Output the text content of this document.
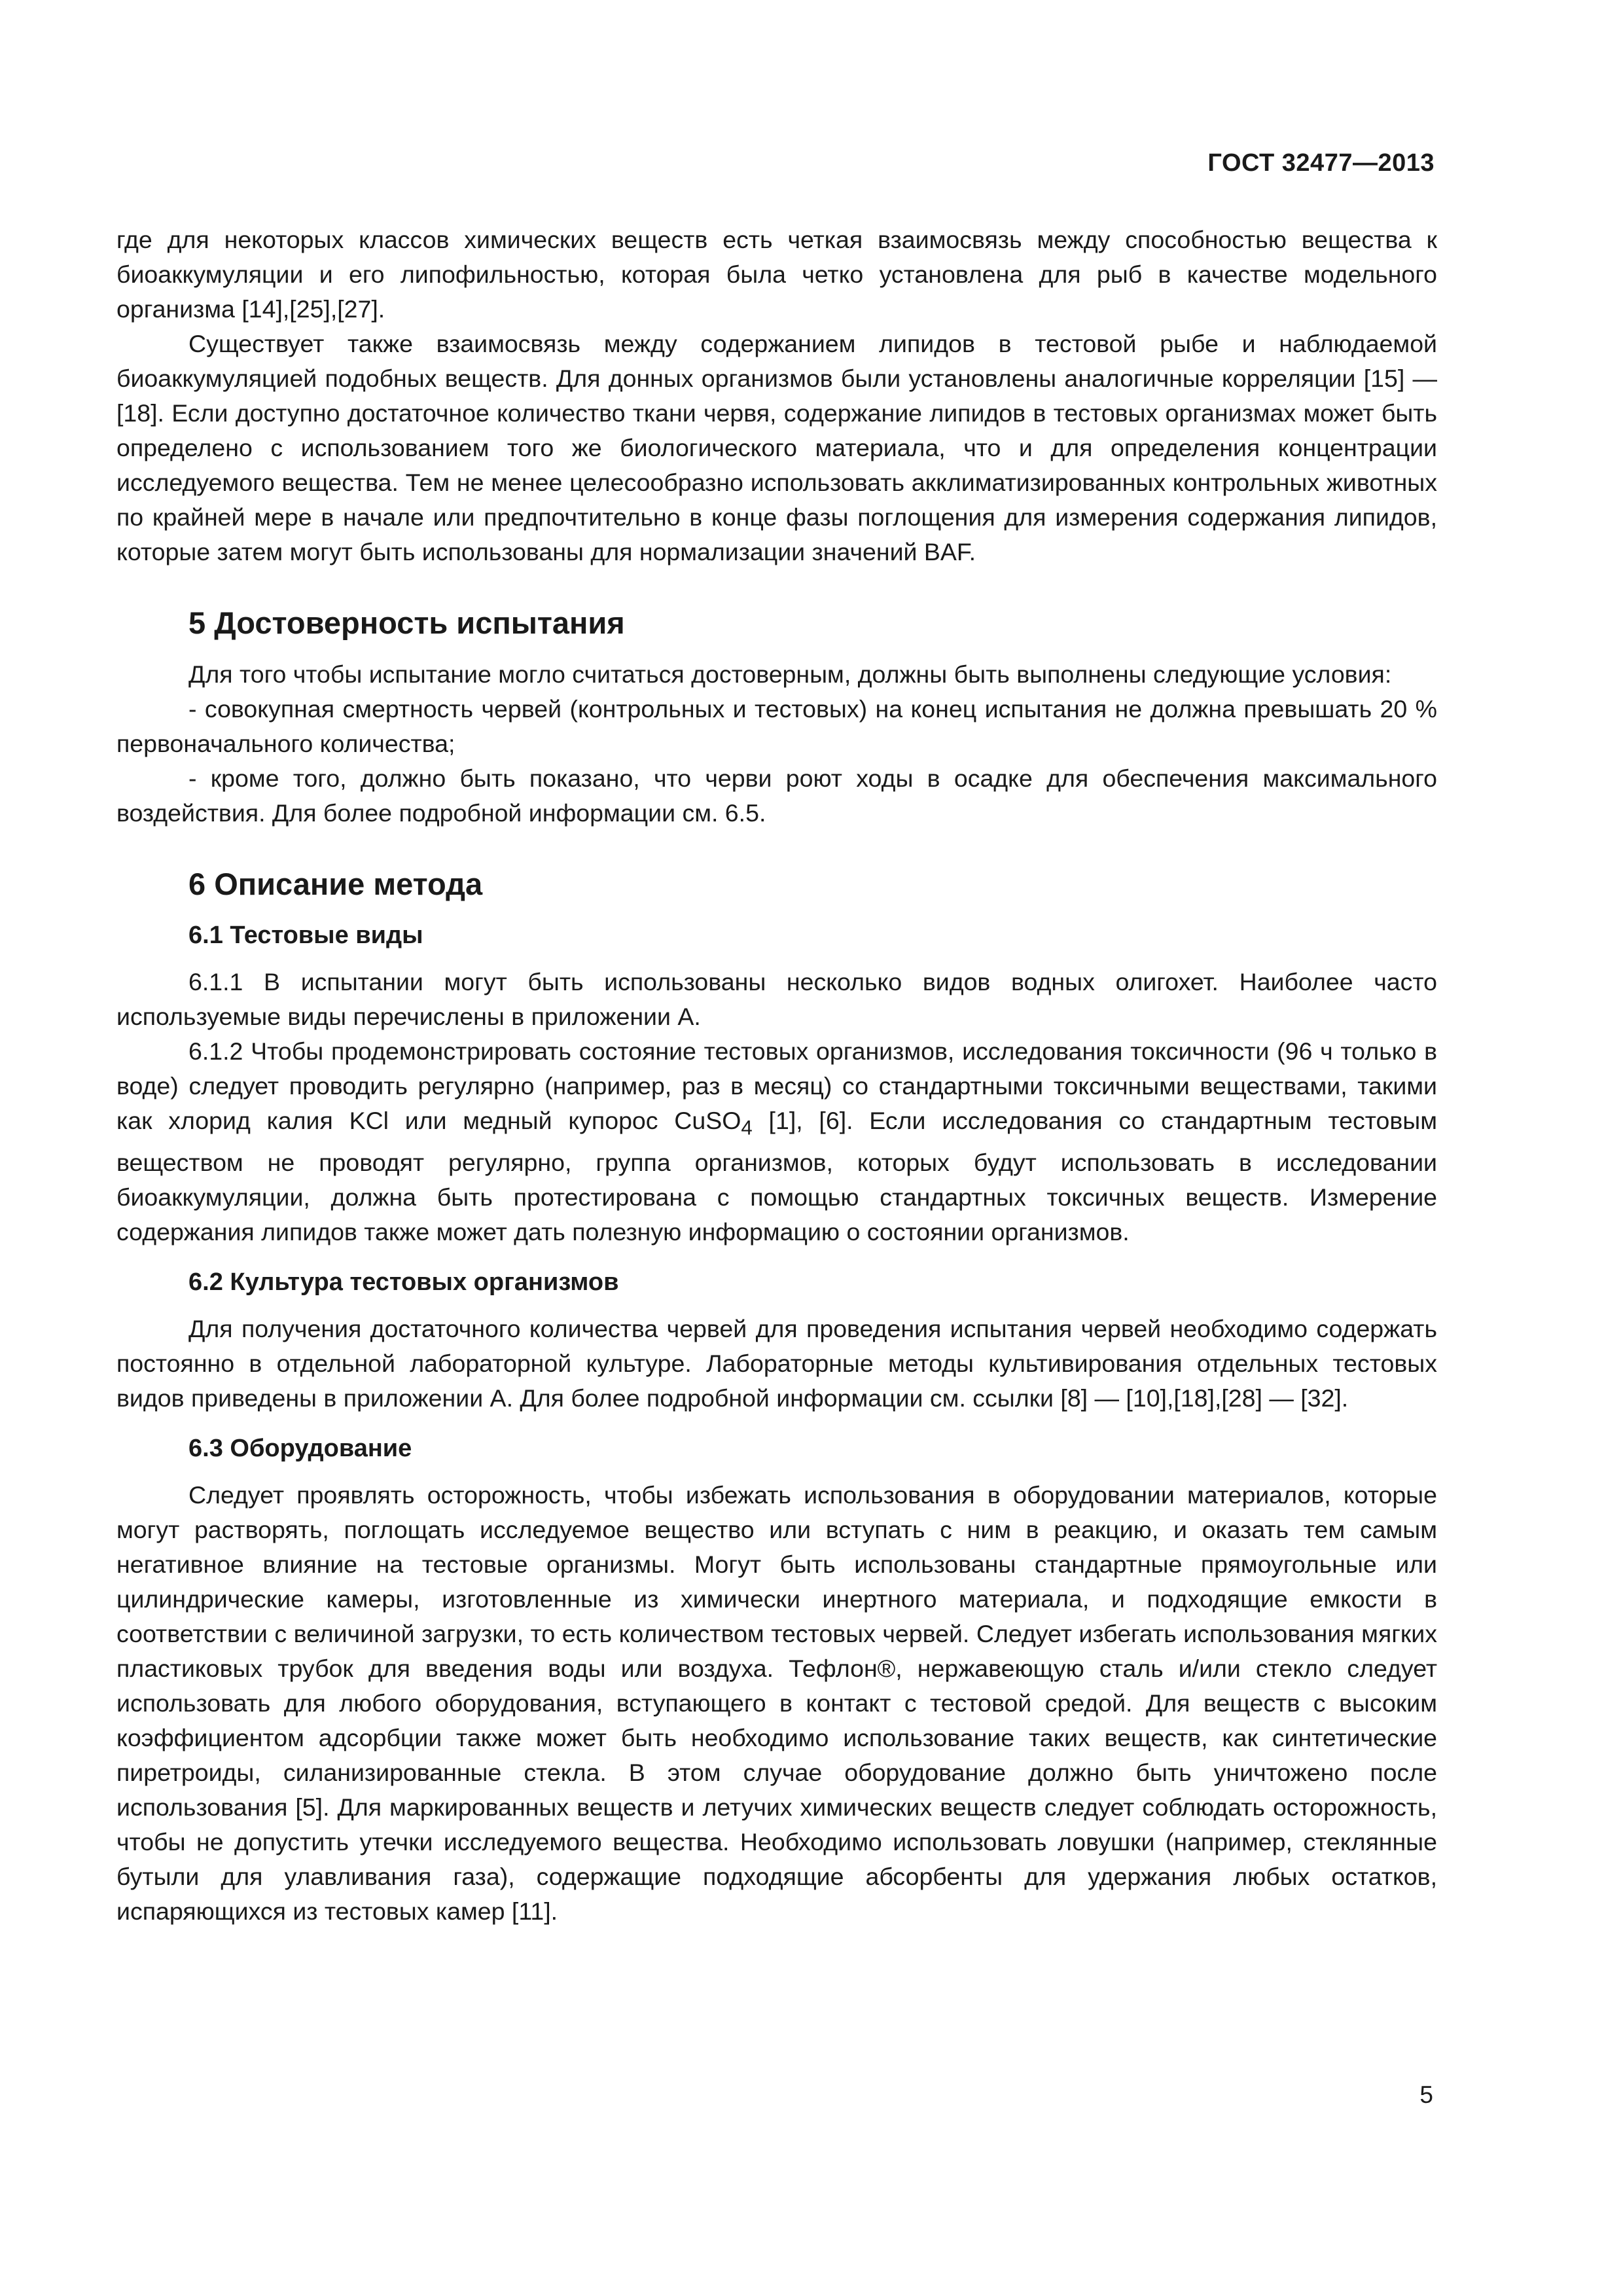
ГОСТ 32477—2013

где для некоторых классов химических веществ есть четкая взаимосвязь между способностью вещества к биоаккумуляции и его липофильностью, которая была четко установлена для рыб в качестве модельного организма [14],[25],[27].

Существует также взаимосвязь между содержанием липидов в тестовой рыбе и наблюдаемой биоаккумуляцией подобных веществ. Для донных организмов были установлены аналогичные корреляции [15] — [18]. Если доступно достаточное количество ткани червя, содержание липидов в тестовых организмах может быть определено с использованием того же биологического материала, что и для определения концентрации исследуемого вещества. Тем не менее целесообразно использовать акклиматизированных контрольных животных по крайней мере в начале или предпочтительно в конце фазы поглощения для измерения содержания липидов, которые затем могут быть использованы для нормализации значений BAF.

5 Достоверность испытания

Для того чтобы испытание могло считаться достоверным, должны быть выполнены следующие условия:

- совокупная смертность червей (контрольных и тестовых) на конец испытания не должна превышать 20 % первоначального количества;

- кроме того, должно быть показано, что черви роют ходы в осадке для обеспечения максимального воздействия. Для более подробной информации см. 6.5.

6 Описание метода
6.1 Тестовые виды

6.1.1 В испытании могут быть использованы несколько видов водных олигохет. Наиболее часто используемые виды перечислены в приложении А.

6.1.2 Чтобы продемонстрировать состояние тестовых организмов, исследования токсичности (96 ч только в воде) следует проводить регулярно (например, раз в месяц) со стандартными токсичными веществами, такими как хлорид калия KCl или медный купорос CuSO$_4$ [1], [6]. Если исследования со стандартным тестовым веществом не проводят регулярно, группа организмов, которых будут использовать в исследовании биоаккумуляции, должна быть протестирована с помощью стандартных токсичных веществ. Измерение содержания липидов также может дать полезную информацию о состоянии организмов.

6.2 Культура тестовых организмов

Для получения достаточного количества червей для проведения испытания червей необходимо содержать постоянно в отдельной лабораторной культуре. Лабораторные методы культивирования отдельных тестовых видов приведены в приложении А. Для более подробной информации см. ссылки [8] — [10],[18],[28] — [32].

6.3 Оборудование

Следует проявлять осторожность, чтобы избежать использования в оборудовании материалов, которые могут растворять, поглощать исследуемое вещество или вступать с ним в реакцию, и оказать тем самым негативное влияние на тестовые организмы. Могут быть использованы стандартные прямоугольные или цилиндрические камеры, изготовленные из химически инертного материала, и подходящие емкости в соответствии с величиной загрузки, то есть количеством тестовых червей. Следует избегать использования мягких пластиковых трубок для введения воды или воздуха. Тефлон®, нержавеющую сталь и/или стекло следует использовать для любого оборудования, вступающего в контакт с тестовой средой. Для веществ с высоким коэффициентом адсорбции также может быть необходимо использование таких веществ, как синтетические пиретроиды, силанизированные стекла. В этом случае оборудование должно быть уничтожено после использования [5]. Для маркированных веществ и летучих химических веществ следует соблюдать осторожность, чтобы не допустить утечки исследуемого вещества. Необходимо использовать ловушки (например, стеклянные бутыли для улавливания газа), содержащие подходящие абсорбенты для удержания любых остатков, испаряющихся из тестовых камер [11].

5
